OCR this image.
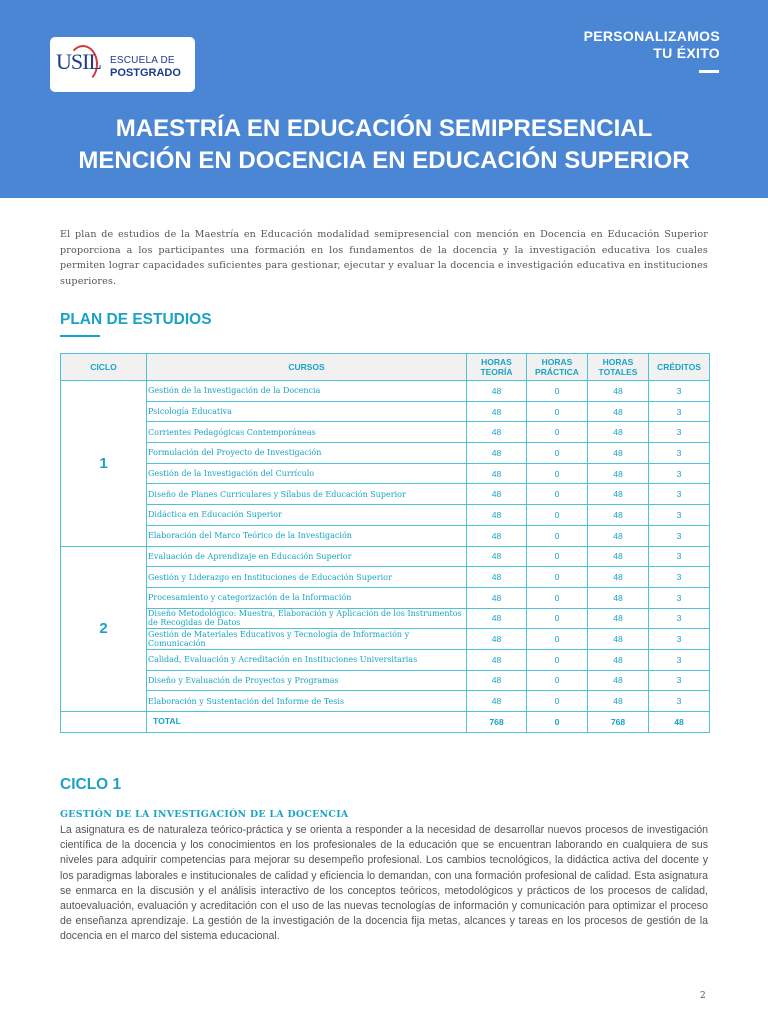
USIL ESCUELA DE
POSTGRADO
PERSONALIZAMOS
TU ÉXITO
MAESTRÍA EN EDUCACIÓN SEMIPRESENCIAL
MENCIÓN EN DOCENCIA EN EDUCACIÓN SUPERIOR

El plan de estudios de la Maestría en Educación modalidad semipresencial con mención en Docencia en Educación Superior proporciona a los participantes una formación en los fundamentos de la docencia y la investigación educativa los cuales permiten lograr capacidades suficientes para gestionar, ejecutar y evaluar la docencia e investigación educativa en instituciones superiores.

PLAN DE ESTUDIOS
CICLO	CURSOS	HORAS TEORÍA	HORAS PRÁCTICA	HORAS TOTALES	CRÉDITOS
1	Gestión de la Investigación de la Docencia	48	0	48	3
	Psicología Educativa	48	0	48	3
	Corrientes Pedagógicas Contemporáneas	48	0	48	3
	Formulación del Proyecto de Investigación	48	0	48	3
	Gestión de la Investigación del Currículo	48	0	48	3
	Diseño de Planes Curriculares y Sílabus de Educación Superior	48	0	48	3
	Didáctica en Educación Superior	48	0	48	3
	Elaboración del Marco Teórico de la Investigación	48	0	48	3
2	Evaluación de Aprendizaje en Educación Superior	48	0	48	3
	Gestión y Liderazgo en Instituciones de Educación Superior	48	0	48	3
	Procesamiento y categorización de la Información	48	0	48	3
	Diseño Metodológico: Muestra, Elaboración y Aplicación de los Instrumentos de Recogidas de Datos	48	0	48	3
	Gestión de Materiales Educativos y Tecnología de Información y Comunicación	48	0	48	3
	Calidad, Evaluación y Acreditación en Instituciones Universitarias	48	0	48	3
	Diseño y Evaluación de Proyectos y Programas	48	0	48	3
	Elaboración y Sustentación del Informe de Tesis	48	0	48	3
	TOTAL	768	0	768	48
CICLO 1
GESTIÓN DE LA INVESTIGACIÓN DE LA DOCENCIA

La asignatura es de naturaleza teórico-práctica y se orienta a responder a la necesidad de desarrollar nuevos procesos de investigación científica de la docencia y los conocimientos en los profesionales de la educación que se encuentran laborando en cualquiera de sus niveles para adquirir competencias para mejorar su desempeño profesional. Los cambios tecnológicos, la didáctica activa del docente y los paradigmas laborales e institucionales de calidad y eficiencia lo demandan, con una formación profesional de calidad. Esta asignatura se enmarca en la discusión y el análisis interactivo de los conceptos teóricos, metodológicos y prácticos de los procesos de calidad, autoevaluación, evaluación y acreditación con el uso de las nuevas tecnologías de información y comunicación para optimizar el proceso de enseñanza aprendizaje. La gestión de la investigación de la docencia fija metas, alcances y tareas en los procesos de gestión de la docencia en el marco del sistema educacional.

2
